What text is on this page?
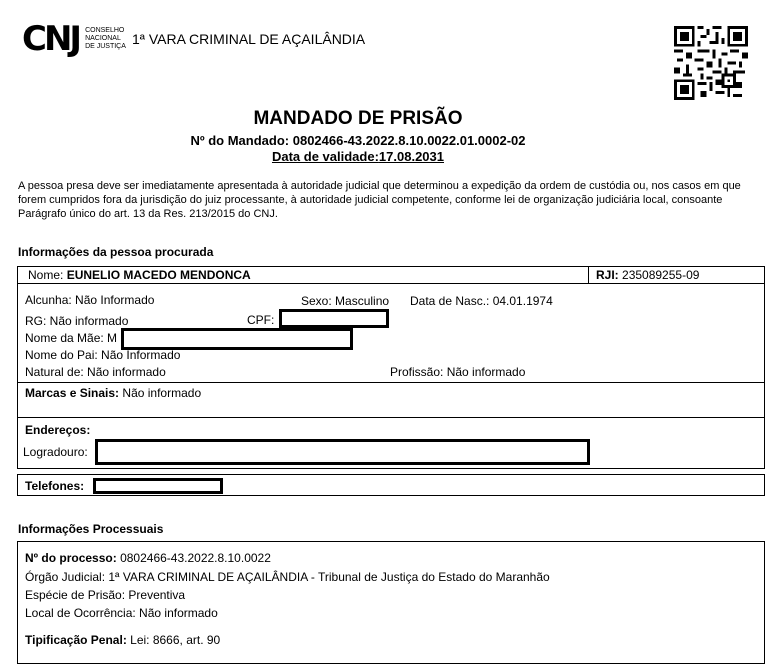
CNJ CONSELHO
NACIONAL
DE JUSTIÇA 1ª VARA CRIMINAL DE AÇAILÂNDIA
MANDADO DE PRISÃO
Nº do Mandado: 0802466-43.2022.8.10.0022.01.0002-02
Data de validade:17.08.2031
A pessoa presa deve ser imediatamente apresentada à autoridade judicial que determinou a expedição da ordem de custódia ou, nos casos em que forem cumpridos fora da jurisdição do juiz processante, à autoridade judicial competente, conforme lei de organização judiciária local, consoante Parágrafo único do art. 13 da Res. 213/2015 do CNJ.
Informações da pessoa procurada
Nome: EUNELIO MACEDO MENDONCA	RJI: 235089255-09
Alcunha: Não Informado	Sexo: Masculino Data de Nasc.: 04.01.1974
RG: Não informado	CPF:
Nome da Mãe: M
Nome do Pai: Não Informado
Natural de: Não informado	Profissão: Não informado
Marcas e Sinais: Não informado
Endereços:
Logradouro:
Telefones:
Informações Processuais
Nº do processo: 0802466-43.2022.8.10.0022
Órgão Judicial: 1ª VARA CRIMINAL DE AÇAILÂNDIA - Tribunal de Justiça do Estado do Maranhão
Espécie de Prisão: Preventiva
Local de Ocorrência: Não informado
Tipificação Penal: Lei: 8666, art. 90
